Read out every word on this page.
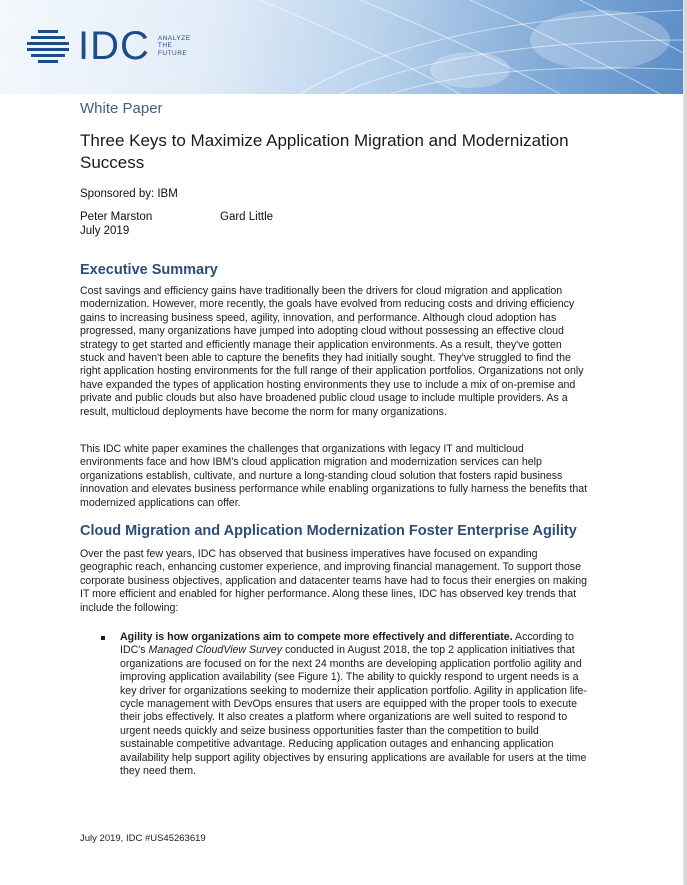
IDC ANALYZE
THE
FUTURE
White Paper
Three Keys to Maximize Application Migration and Modernization Success
Sponsored by: IBM
Peter Marston	Gard Little
July 2019
Executive Summary

Cost savings and efficiency gains have traditionally been the drivers for cloud migration and application modernization. However, more recently, the goals have evolved from reducing costs and driving efficiency gains to increasing business speed, agility, innovation, and performance. Although cloud adoption has progressed, many organizations have jumped into adopting cloud without possessing an effective cloud strategy to get started and efficiently manage their application environments. As a result, they've gotten stuck and haven't been able to capture the benefits they had initially sought. They've struggled to find the right application hosting environments for the full range of their application portfolios. Organizations not only have expanded the types of application hosting environments they use to include a mix of on-premise and private and public clouds but also have broadened public cloud usage to include multiple providers. As a result, multicloud deployments have become the norm for many organizations.

This IDC white paper examines the challenges that organizations with legacy IT and multicloud environments face and how IBM's cloud application migration and modernization services can help organizations establish, cultivate, and nurture a long-standing cloud solution that fosters rapid business innovation and elevates business performance while enabling organizations to fully harness the benefits that modernized applications can offer.

Cloud Migration and Application Modernization Foster Enterprise Agility

Over the past few years, IDC has observed that business imperatives have focused on expanding geographic reach, enhancing customer experience, and improving financial management. To support those corporate business objectives, application and datacenter teams have had to focus their energies on making IT more efficient and enabled for higher performance. Along these lines, IDC has observed key trends that include the following:

Agility is how organizations aim to compete more effectively and differentiate. According to IDC's Managed CloudView Survey conducted in August 2018, the top 2 application initiatives that organizations are focused on for the next 24 months are developing application portfolio agility and improving application availability (see Figure 1). The ability to quickly respond to urgent needs is a key driver for organizations seeking to modernize their application portfolio. Agility in application life-cycle management with DevOps ensures that users are equipped with the proper tools to execute their jobs effectively. It also creates a platform where organizations are well suited to respond to urgent needs quickly and seize business opportunities faster than the competition to build sustainable competitive advantage. Reducing application outages and enhancing application availability help support agility objectives by ensuring applications are available for users at the time they need them.

July 2019, IDC #US45263619
